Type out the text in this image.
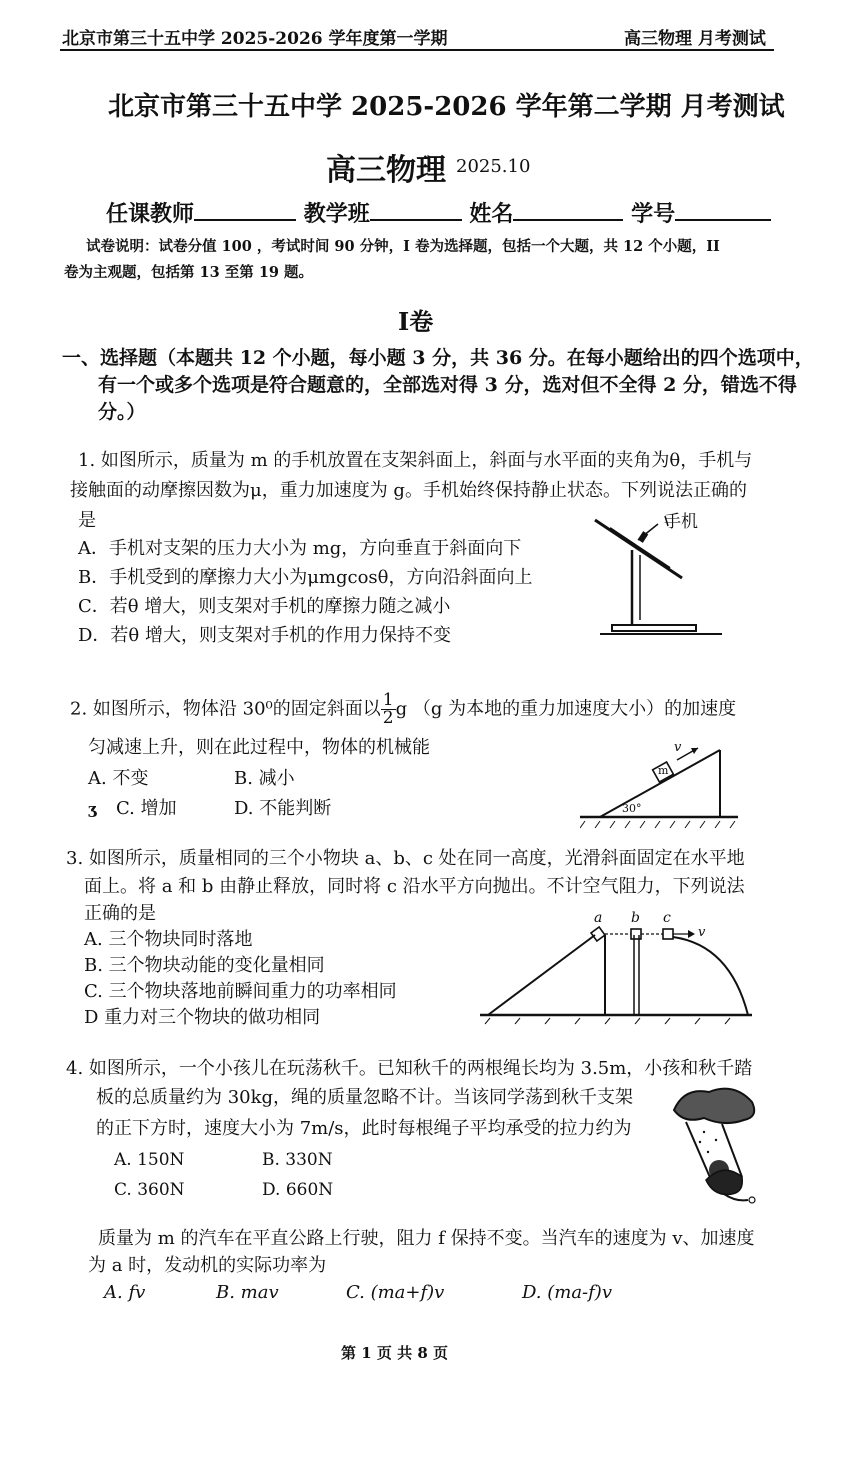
北京市第三十五中学 2025-2026 学年度第一学期	高三物理 月考测试
北京市第三十五中学 2025-2026 学年第二学期 月考测试
高三物理 2025.10
任课教师	教学班	姓名	学号
试卷说明：试卷分值 100 ，考试时间 90 分钟，I 卷为选择题，包括一个大题，共 12 个小题，II
卷为主观题，包括第 13 至第 19 题。
I卷
一、选择题（本题共 12 个小题，每小题 3 分，共 36 分。在每小题给出的四个选项中，
有一个或多个选项是符合题意的，全部选对得 3 分，选对但不全得 2 分，错选不得
分。）
1. 如图所示，质量为 m 的手机放置在支架斜面上，斜面与水平面的夹角为θ，手机与
接触面的动摩擦因数为μ，重力加速度为 g。手机始终保持静止状态。下列说法正确的
是
A．手机对支架的压力大小为 mg，方向垂直于斜面向下
B．手机受到的摩擦力大小为μmgcosθ，方向沿斜面向上
C．若θ 增大，则支架对手机的摩擦力随之减小
D．若θ 增大，则支架对手机的作用力保持不变
手机
2. 如图所示，物体沿 30⁰的固定斜面以 $\frac{1}{2}$ g （g 为本地的重力加速度大小）的加速度
匀减速上升，则在此过程中，物体的机械能
A. 不变	B. 减小
C. 增加	D. 不能判断
ʒ
v
m
30°
3. 如图所示，质量相同的三个小物块 a、b、c 处在同一高度，光滑斜面固定在水平地
面上。将 a 和 b 由静止释放，同时将 c 沿水平方向抛出。不计空气阻力，下列说法
正确的是
A. 三个物块同时落地
B. 三个物块动能的变化量相同
C. 三个物块落地前瞬间重力的功率相同
D 重力对三个物块的做功相同
a b c
v
4. 如图所示，一个小孩儿在玩荡秋千。已知秋千的两根绳长均为 3.5m，小孩和秋千踏
板的总质量约为 30kg，绳的质量忽略不计。当该同学荡到秋千支架
的正下方时，速度大小为 7m/s，此时每根绳子平均承受的拉力约为
A. 150N	B. 330N
C. 360N	D. 660N
质量为 m 的汽车在平直公路上行驶，阻力 f 保持不变。当汽车的速度为 v、加速度
为 a 时，发动机的实际功率为
A. fv	B. mav	C. (ma+f)v	D. (ma-f)v
第 1 页 共 8 页
